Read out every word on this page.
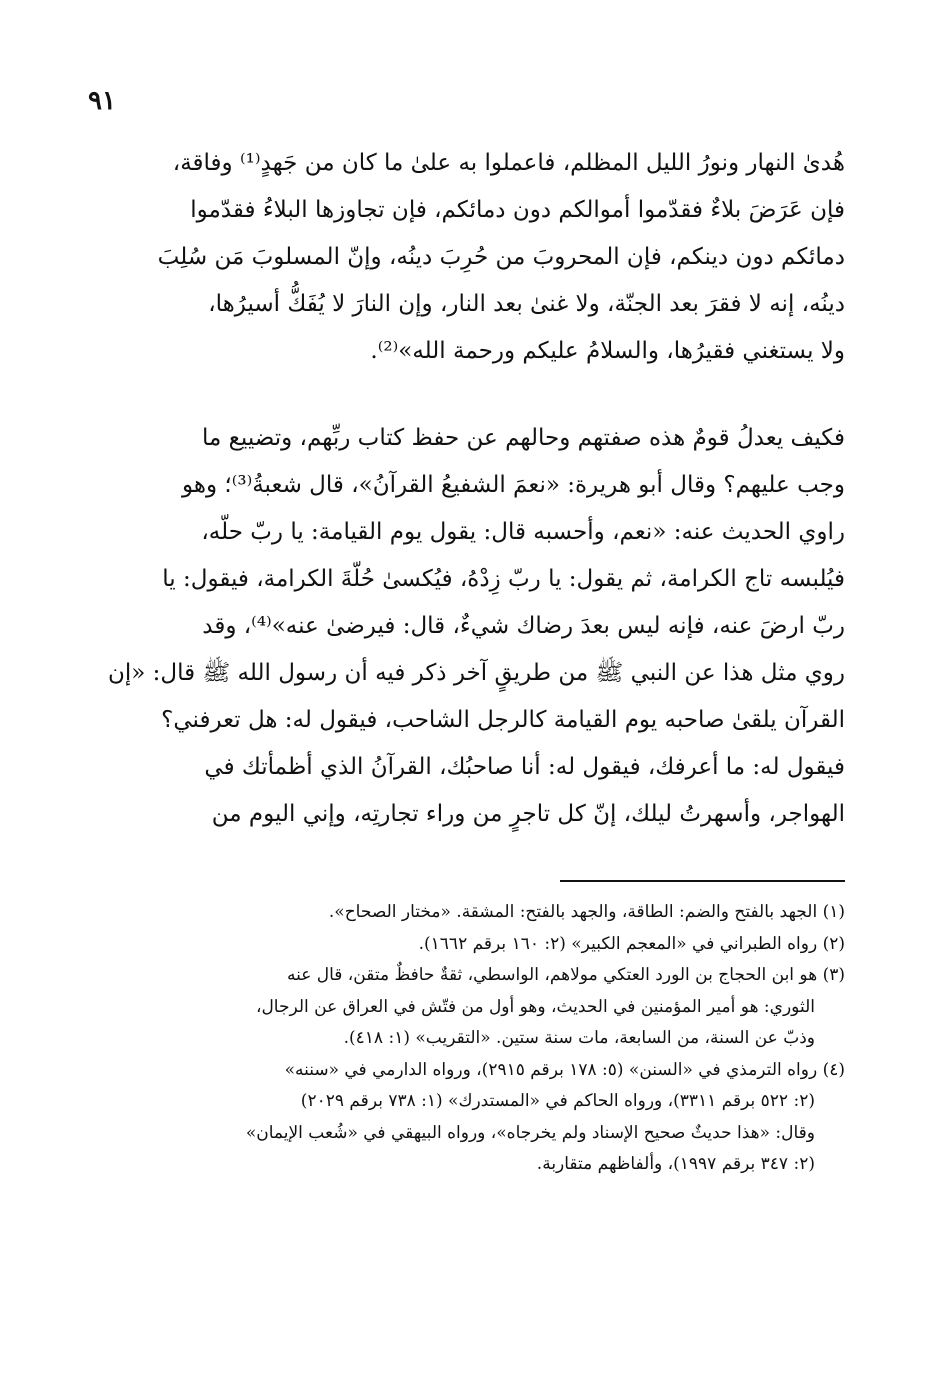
٩١
هُدىٰ النهار ونورُ الليل المظلم، فاعملوا به علىٰ ما كان من جَهدٍ⁽¹⁾ وفاقة،
فإن عَرَضَ بلاءٌ فقدّموا أموالكم دون دمائكم، فإن تجاوزها البلاءُ فقدّموا
دمائكم دون دينكم، فإن المحروبَ من حُرِبَ دينُه، وإنّ المسلوبَ مَن سُلِبَ
دينُه، إنه لا فقرَ بعد الجنّة، ولا غنىٰ بعد النار، وإن النارَ لا يُفَكُّ أسيرُها،
ولا يستغني فقيرُها، والسلامُ عليكم ورحمة الله»⁽²⁾.
فكيف يعدلُ قومٌ هذه صفتهم وحالهم عن حفظ كتاب ربِّهم، وتضييع ما
وجب عليهم؟ وقال أبو هريرة: «نعمَ الشفيعُ القرآنُ»، قال شعبةُ⁽³⁾؛ وهو
راوي الحديث عنه: «نعم، وأحسبه قال: يقول يوم القيامة: يا ربّ حلّه،
فيُلبسه تاج الكرامة، ثم يقول: يا ربّ زِدْهُ، فيُكسىٰ حُلّةَ الكرامة، فيقول: يا
ربّ ارضَ عنه، فإنه ليس بعدَ رضاك شيءٌ، قال: فيرضىٰ عنه»⁽⁴⁾، وقد
روي مثل هذا عن النبي ﷺ من طريقٍ آخر ذكر فيه أن رسول الله ﷺ قال: «إن
القرآن يلقىٰ صاحبه يوم القيامة كالرجل الشاحب، فيقول له: هل تعرفني؟
فيقول له: ما أعرفك، فيقول له: أنا صاحبُك، القرآنُ الذي أظمأتك في
الهواجر، وأسهرتُ ليلك، إنّ كل تاجرٍ من وراء تجارتِه، وإني اليوم من
(١) الجهد بالفتح والضم: الطاقة، والجهد بالفتح: المشقة. «مختار الصحاح».
(٢) رواه الطبراني في «المعجم الكبير» (٢: ١٦٠ برقم ١٦٦٢).
(٣) هو ابن الحجاج بن الورد العتكي مولاهم، الواسطي، ثقةٌ حافظٌ متقن، قال عنه
الثوري: هو أمير المؤمنين في الحديث، وهو أول من فتّش في العراق عن الرجال،
وذبّ عن السنة، من السابعة، مات سنة ستين. «التقريب» (١: ٤١٨).
(٤) رواه الترمذي في «السنن» (٥: ١٧٨ برقم ٢٩١٥)، ورواه الدارمي في «سننه»
(٢: ٥٢٢ برقم ٣٣١١)، ورواه الحاكم في «المستدرك» (١: ٧٣٨ برقم ٢٠٢٩)
وقال: «هذا حديثٌ صحيح الإسناد ولم يخرجاه»، ورواه البيهقي في «شُعب الإيمان»
(٢: ٣٤٧ برقم ١٩٩٧)، وألفاظهم متقاربة.
